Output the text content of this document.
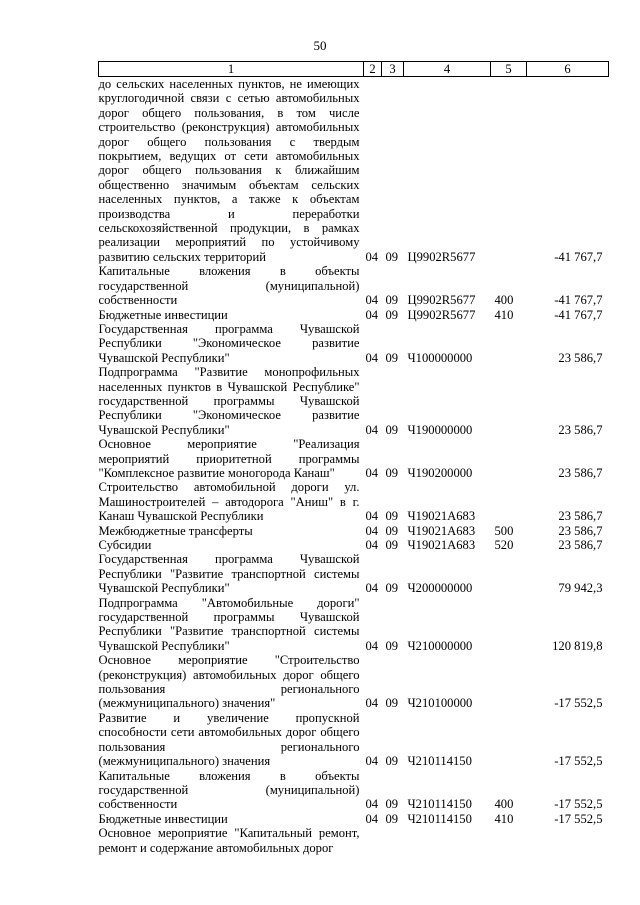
50
1	2	3	4	5	6
до сельских населенных пунктов, не имеющих круглогодичной связи с сетью автомобильных дорог общего пользования, в том числе строительство (реконструкция) автомобильных дорог общего пользования с твердым покрытием, ведущих от сети автомобильных дорог общего пользования к ближайшим общественно значимым объектам сельских населенных пунктов, а также к объектам производства и переработки сельскохозяйственной продукции, в рамках реализации мероприятий по устойчивому развитию сельских территорий	04	09	Ц9902R5677		-41 767,7
Капитальные вложения в объекты государственной (муниципальной) собственности	04	09	Ц9902R5677	400	-41 767,7
Бюджетные инвестиции	04	09	Ц9902R5677	410	-41 767,7
Государственная программа Чувашской Республики "Экономическое развитие Чувашской Республики"	04	09	Ч100000000		23 586,7
Подпрограмма "Развитие монопрофильных населенных пунктов в Чувашской Республике" государственной программы Чувашской Республики "Экономическое развитие Чувашской Республики"	04	09	Ч190000000		23 586,7
Основное мероприятие "Реализация мероприятий приоритетной программы "Комплексное развитие моногорода Канаш"	04	09	Ч190200000		23 586,7
Строительство автомобильной дороги ул. Машиностроителей – автодорога "Аниш" в г. Канаш Чувашской Республики	04	09	Ч19021А683		23 586,7
Межбюджетные трансферты	04	09	Ч19021А683	500	23 586,7
Субсидии	04	09	Ч19021А683	520	23 586,7
Государственная программа Чувашской Республики "Развитие транспортной системы Чувашской Республики"	04	09	Ч200000000		79 942,3
Подпрограмма "Автомобильные дороги" государственной программы Чувашской Республики "Развитие транспортной системы Чувашской Республики"	04	09	Ч210000000		120 819,8
Основное мероприятие "Строительство (реконструкция) автомобильных дорог общего пользования регионального (межмуниципального) значения"	04	09	Ч210100000		-17 552,5
Развитие и увеличение пропускной способности сети автомобильных дорог общего пользования регионального (межмуниципального) значения	04	09	Ч210114150		-17 552,5
Капитальные вложения в объекты государственной (муниципальной) собственности	04	09	Ч210114150	400	-17 552,5
Бюджетные инвестиции	04	09	Ч210114150	410	-17 552,5
Основное мероприятие "Капитальный ремонт, ремонт и содержание автомобильных дорог					
